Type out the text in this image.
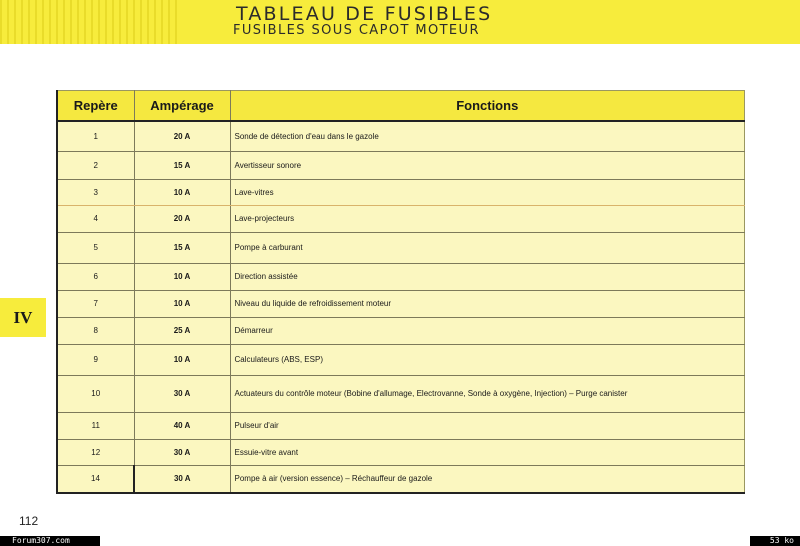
TABLEAU DE FUSIBLES
FUSIBLES SOUS CAPOT MOTEUR
IV
Repère	Ampérage	Fonctions
1	20 A	Sonde de détection d'eau dans le gazole
2	15 A	Avertisseur sonore
3	10 A	Lave-vitres
4	20 A	Lave-projecteurs
5	15 A	Pompe à carburant
6	10 A	Direction assistée
7	10 A	Niveau du liquide de refroidissement moteur
8	25 A	Démarreur
9	10 A	Calculateurs (ABS, ESP)
10	30 A	Actuateurs du contrôle moteur (Bobine d'allumage, Electrovanne, Sonde à oxygène, Injection) – Purge canister
11	40 A	Pulseur d'air
12	30 A	Essuie-vitre avant
14	30 A	Pompe à air (version essence) – Réchauffeur de gazole
112
Forum307.com	53 ko
